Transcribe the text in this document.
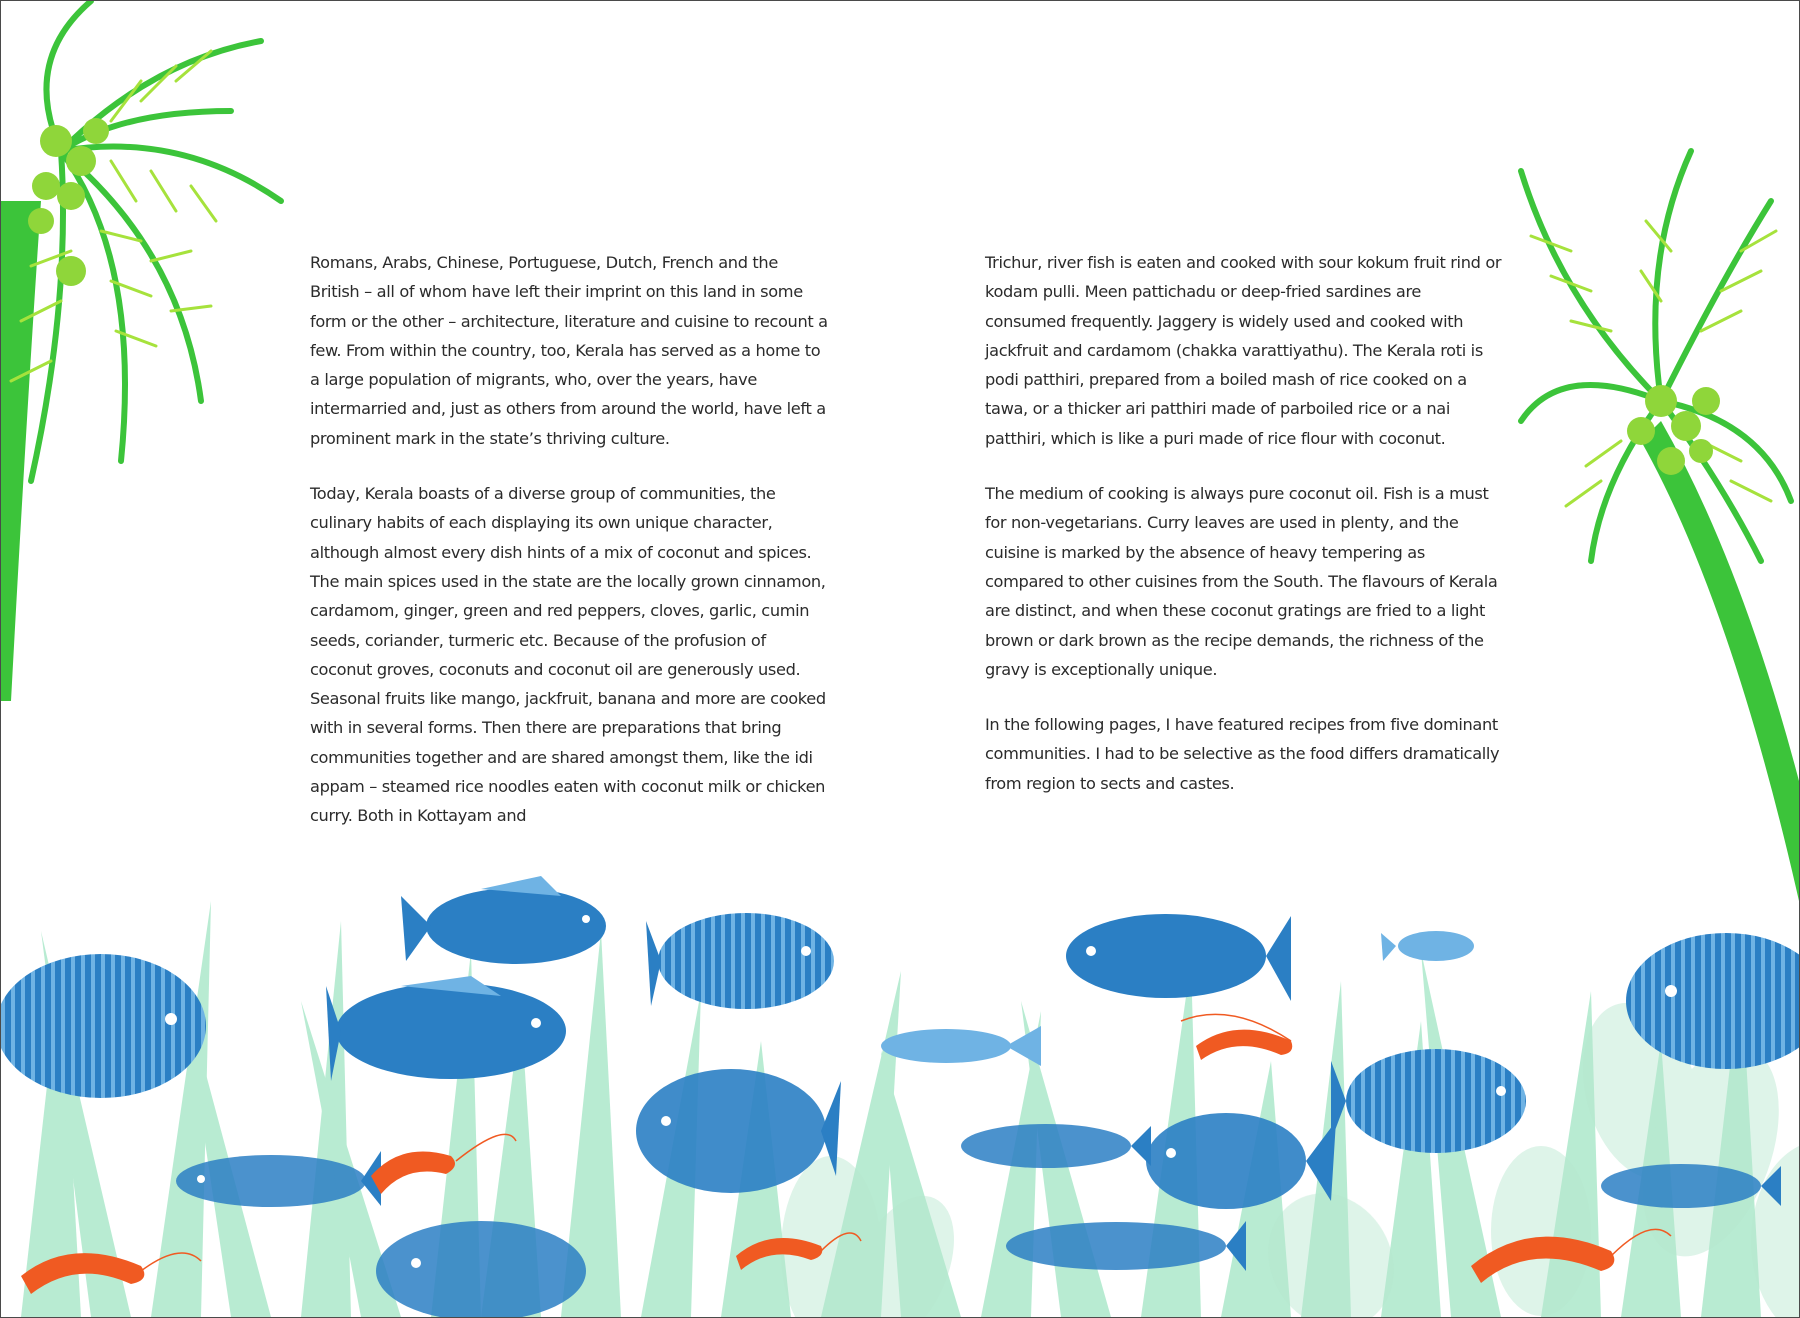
Romans, Arabs, Chinese, Portuguese, Dutch, French and the British – all of whom have left their imprint on this land in some form or the other – architecture, literature and cuisine to recount a few. From within the country, too, Kerala has served as a home to a large population of migrants, who, over the years, have intermarried and, just as others from around the world, have left a prominent mark in the state’s thriving culture.

Today, Kerala boasts of a diverse group of communities, the culinary habits of each displaying its own unique character, although almost every dish hints of a mix of coconut and spices. The main spices used in the state are the locally grown cinnamon, cardamom, ginger, green and red peppers, cloves, garlic, cumin seeds, coriander, turmeric etc. Because of the profusion of coconut groves, coconuts and coconut oil are generously used. Seasonal fruits like mango, jackfruit, banana and more are cooked with in several forms. Then there are preparations that bring communities together and are shared amongst them, like the idi appam – steamed rice noodles eaten with coconut milk or chicken curry. Both in Kottayam and

Trichur, river fish is eaten and cooked with sour kokum fruit rind or kodam pulli. Meen pattichadu or deep-fried sardines are consumed frequently. Jaggery is widely used and cooked with jackfruit and cardamom (chakka varattiyathu). The Kerala roti is podi patthiri, prepared from a boiled mash of rice cooked on a tawa, or a thicker ari patthiri made of parboiled rice or a nai patthiri, which is like a puri made of rice flour with coconut.

The medium of cooking is always pure coconut oil. Fish is a must for non-vegetarians. Curry leaves are used in plenty, and the cuisine is marked by the absence of heavy tempering as compared to other cuisines from the South. The flavours of Kerala are distinct, and when these coconut gratings are fried to a light brown or dark brown as the recipe demands, the richness of the gravy is exceptionally unique.

In the following pages, I have featured recipes from five dominant communities. I had to be selective as the food differs dramatically from region to sects and castes.
